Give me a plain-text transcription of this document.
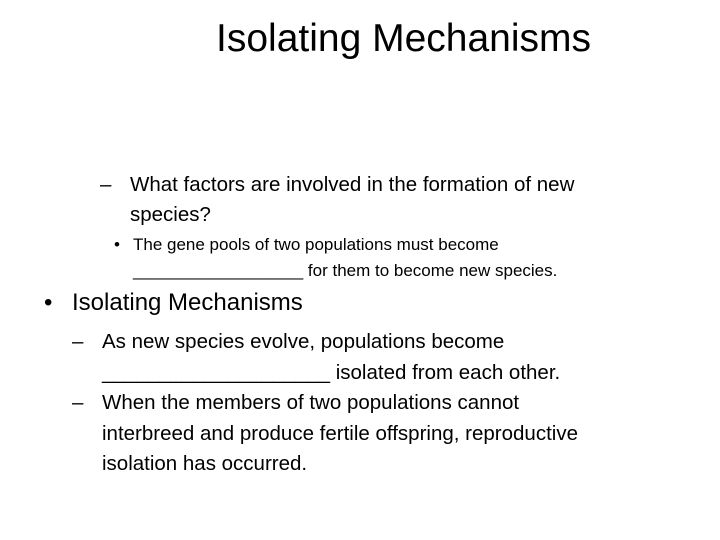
Isolating Mechanisms
– What factors are involved in the formation of new
species?
• The gene pools of two populations must become
__________________ for them to become new species.
• Isolating Mechanisms
– As new species evolve, populations become
____________________ isolated from each other.
– When the members of two populations cannot
interbreed and produce fertile offspring, reproductive
isolation has occurred.
